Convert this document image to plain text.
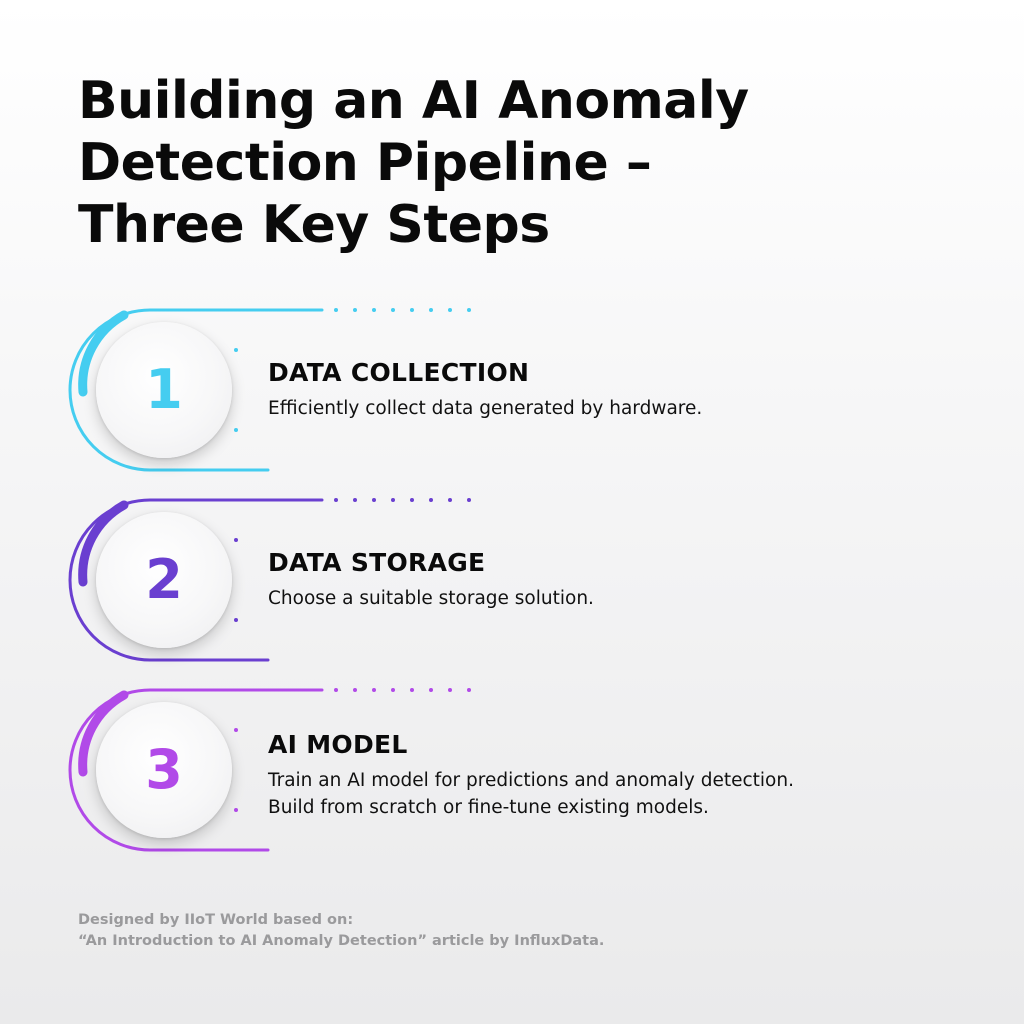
Building an AI Anomaly
Detection Pipeline –
Three Key Steps
1	DATA COLLECTION

Efficiently collect data generated by hardware.

2	DATA STORAGE

Choose a suitable storage solution.

3	AI MODEL

Train an AI model for predictions and anomaly detection.
Build from scratch or fine-tune existing models.

Designed by IIoT World based on:
“An Introduction to AI Anomaly Detection” article by InfluxData.
